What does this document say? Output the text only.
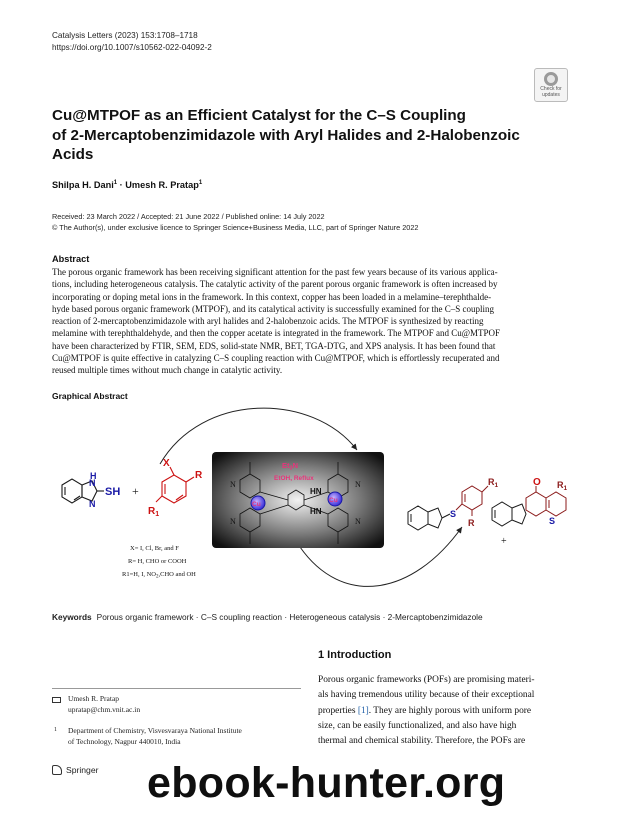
Catalysis Letters (2023) 153:1708–1718
https://doi.org/10.1007/s10562-022-04092-2
Check for
updates
Cu@MTPOF as an Efficient Catalyst for the C–S Coupling
of 2-Mercaptobenzimidazole with Aryl Halides and 2-Halobenzoic
Acids
Shilpa H. Dani$^1$ · Umesh R. Pratap$^1$
Received: 23 March 2022 / Accepted: 21 June 2022 / Published online: 14 July 2022
© The Author(s), under exclusive licence to Springer Science+Business Media, LLC, part of Springer Nature 2022
Abstract
The porous organic framework has been receiving significant attention for the past few years because of its various applica-
tions, including heterogeneous catalysis. The catalytic activity of the parent porous organic framework is often increased by
incorporating or doping metal ions in the framework. In this context, copper has been loaded in a melamine–terephthalde-
hyde based porous organic framework (MTPOF), and its catalytical activity is successfully examined for the C–S coupling
reaction of 2-mercaptobenzimidazole with aryl halides and 2-halobenzoic acids. The MTPOF is synthesized by reacting
melamine with terephthaldehyde, and then the copper acetate is integrated in the framework. The MTPOF and Cu@MTPOF
have been characterized by FTIR, SEM, EDS, solid-state NMR, BET, TGA-DTG, and XPS analysis. It has been found that
Cu@MTPOF is quite effective in catalyzing C–S coupling reaction with Cu@MTPOF, which is effortlessly recuperated and
reused multiple times without much change in catalytic activity.
Graphical Abstract
H
N
N
SH +
X
R
$R_1$
X= I, Cl, Br, and F
R= H, CHO or COOH
R1=H, I, $NO_2,CHO$ and OH
N	N
N	N
Cu
Cu
HN
HN
$Et_3N$
EtOH, Reflux
S
$R_1$
R
+
O
S
$R_1$
Keywords Porous organic framework · C–S coupling reaction · Heterogeneous catalysis · 2-Mercaptobenzimidazole
1 Introduction
Porous organic frameworks (POFs) are promising materi-
als having tremendous utility because of their exceptional
properties [1]. They are highly porous with uniform pore
size, can be easily functionalized, and also have high
thermal and chemical stability. Therefore, the POFs are
Umesh R. Pratap
upratap@chm.vnit.ac.in
1 Department of Chemistry, Visvesvaraya National Institute
of Technology, Nagpur 440010, India
Springer ebook-hunter.org
